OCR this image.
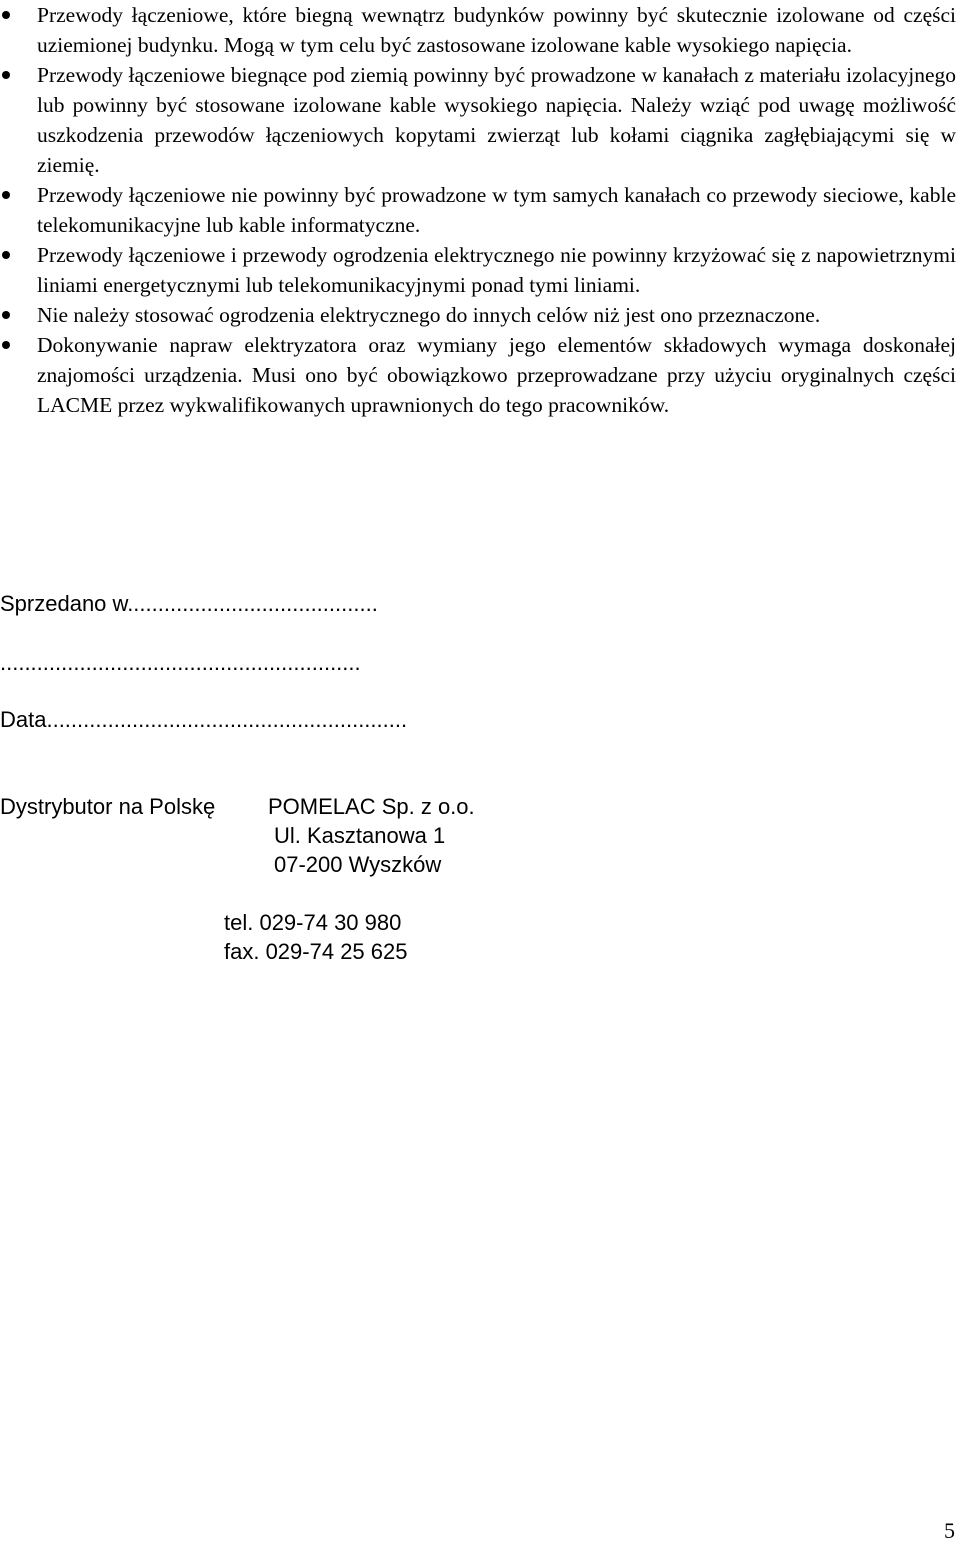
Przewody łączeniowe, które biegną wewnątrz budynków powinny być skutecznie izolowane od części uziemionej budynku. Mogą w tym celu być zastosowane izolowane kable wysokiego napięcia.
Przewody łączeniowe biegnące pod ziemią powinny być prowadzone w kanałach z materiału izolacyjnego lub powinny być stosowane izolowane kable wysokiego napięcia. Należy wziąć pod uwagę możliwość uszkodzenia przewodów łączeniowych kopytami zwierząt lub kołami ciągnika zagłębiającymi się w ziemię.
Przewody łączeniowe nie powinny być prowadzone w tym samych kanałach co przewody sieciowe, kable telekomunikacyjne lub kable informatyczne.
Przewody łączeniowe i przewody ogrodzenia elektrycznego nie powinny krzyżować się z napowietrznymi liniami energetycznymi lub telekomunikacyjnymi ponad tymi liniami.
Nie należy stosować ogrodzenia elektrycznego do innych celów niż jest ono przeznaczone.
Dokonywanie napraw elektryzatora oraz wymiany jego elementów składowych wymaga doskonałej znajomości urządzenia. Musi ono być obowiązkowo przeprowadzane przy użyciu oryginalnych części LACME przez wykwalifikowanych uprawnionych do tego pracowników.
Sprzedano w.........................................
...........................................................
Data...........................................................
Dystrybutor na Polskę POMELAC Sp. z o.o.
Ul. Kasztanowa 1
07-200 Wyszków
tel. 029-74 30 980
fax. 029-74 25 625
5
